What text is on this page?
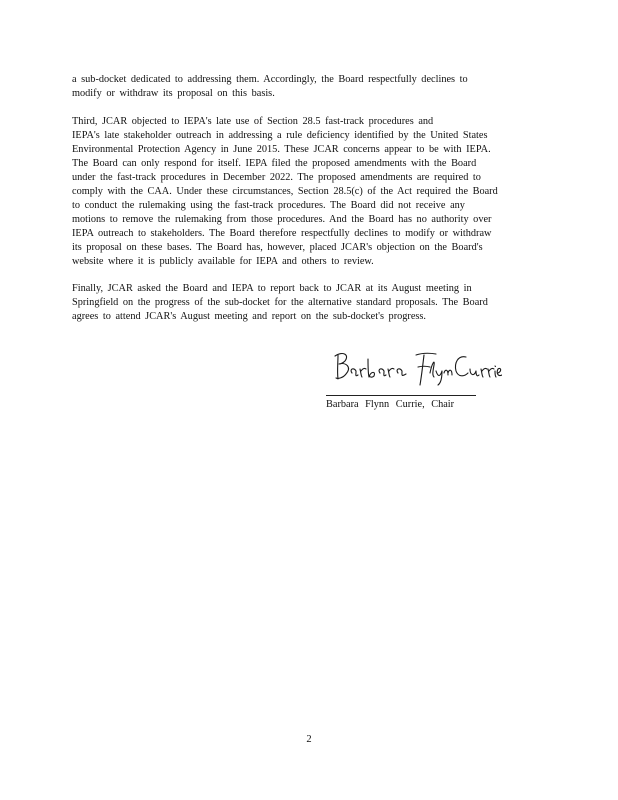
a sub-docket dedicated to addressing them. Accordingly, the Board respectfully declines to
modify or withdraw its proposal on this basis.
Third, JCAR objected to IEPA's late use of Section 28.5 fast-track procedures and
IEPA's late stakeholder outreach in addressing a rule deficiency identified by the United States
Environmental Protection Agency in June 2015. These JCAR concerns appear to be with IEPA.
The Board can only respond for itself. IEPA filed the proposed amendments with the Board
under the fast-track procedures in December 2022. The proposed amendments are required to
comply with the CAA. Under these circumstances, Section 28.5(c) of the Act required the Board
to conduct the rulemaking using the fast-track procedures. The Board did not receive any
motions to remove the rulemaking from those procedures. And the Board has no authority over
IEPA outreach to stakeholders. The Board therefore respectfully declines to modify or withdraw
its proposal on these bases. The Board has, however, placed JCAR's objection on the Board's
website where it is publicly available for IEPA and others to review.
Finally, JCAR asked the Board and IEPA to report back to JCAR at its August meeting in
Springfield on the progress of the sub-docket for the alternative standard proposals. The Board
agrees to attend JCAR's August meeting and report on the sub-docket's progress.
Barbara Flynn Currie, Chair
2
